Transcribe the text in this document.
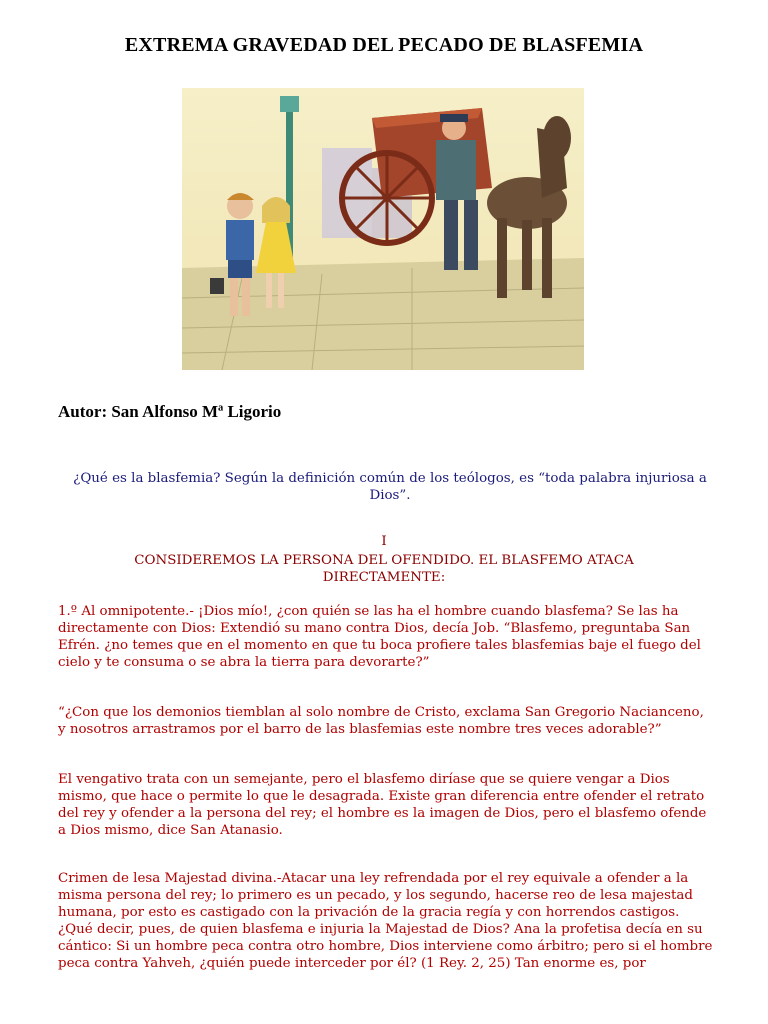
EXTREMA GRAVEDAD DEL PECADO DE BLASFEMIA
Autor: San Alfonso Mª Ligorio
¿Qué es la blasfemia? Según la definición común de los teólogos, es “toda palabra injuriosa a Dios”.
I
CONSIDEREMOS LA PERSONA DEL OFENDIDO. EL BLASFEMO ATACA DIRECTAMENTE:

1.º Al omnipotente.- ¡Dios mío!, ¿con quién se las ha el hombre cuando blasfema? Se las ha directamente con Dios: Extendió su mano contra Dios, decía Job. “Blasfemo, preguntaba San Efrén. ¿no temes que en el momento en que tu boca profiere tales blasfemias baje el fuego del cielo y te consuma o se abra la tierra para devorarte?”

“¿Con que los demonios tiemblan al solo nombre de Cristo, exclama San Gregorio Nacianceno, y nosotros arrastramos por el barro de las blasfemias este nombre tres veces adorable?”

El vengativo trata con un semejante, pero el blasfemo diríase que se quiere vengar a Dios mismo, que hace o permite lo que le desagrada. Existe gran diferencia entre ofender el retrato del rey y ofender a la persona del rey; el hombre es la imagen de Dios, pero el blasfemo ofende a Dios mismo, dice San Atanasio.

Crimen de lesa Majestad divina.-Atacar una ley refrendada por el rey equivale a ofender a la misma persona del rey; lo primero es un pecado, y los segundo, hacerse reo de lesa majestad humana, por esto es castigado con la privación de la gracia regía y con horrendos castigos. ¿Qué decir, pues, de quien blasfema e injuria la Majestad de Dios? Ana la profetisa decía en su cántico: Si un hombre peca contra otro hombre, Dios interviene como árbitro; pero si el hombre peca contra Yahveh, ¿quién puede interceder por él? (1 Rey. 2, 25) Tan enorme es, por
